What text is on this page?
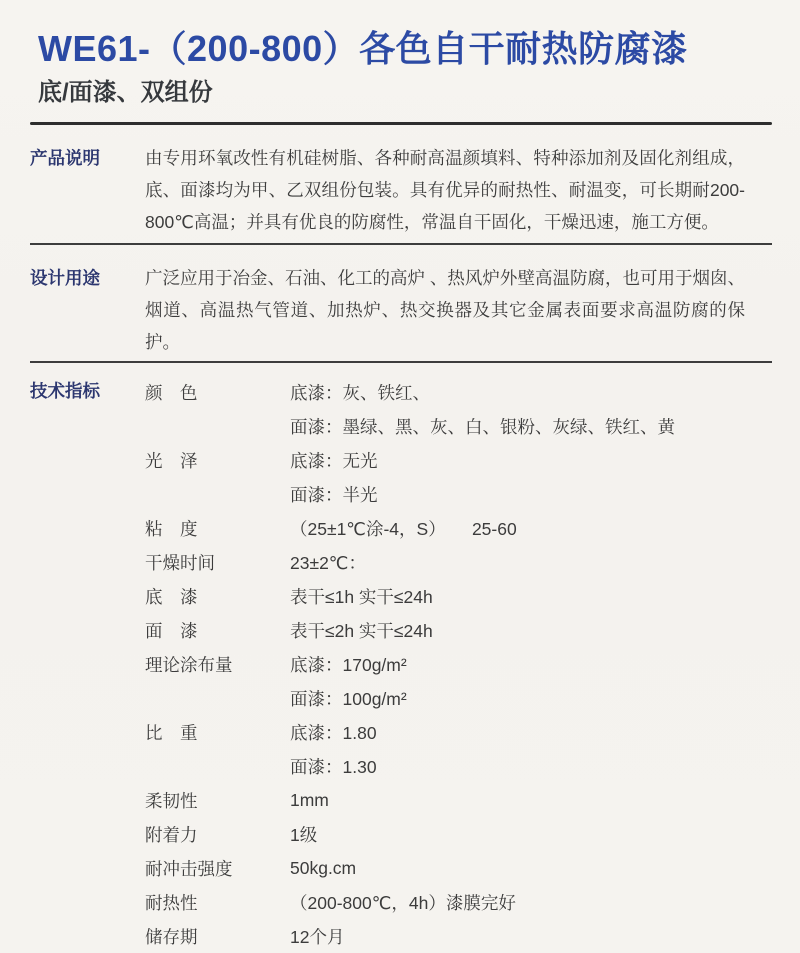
WE61-（200-800）各色自干耐热防腐漆
底/面漆、双组份
产品说明	由专用环氧改性有机硅树脂、各种耐高温颜填料、特种添加剂及固化剂组成，底、面漆均为甲、乙双组份包装。具有优异的耐热性、耐温变，可长期耐200-800℃高温；并具有优良的防腐性，常温自干固化，干燥迅速，施工方便。
设计用途	广泛应用于冶金、石油、化工的高炉 、热风炉外壁高温防腐，也可用于烟囱、烟道、高温热气管道、加热炉、热交换器及其它金属表面要求高温防腐的保护。
技术指标	颜　色	底漆：灰、铁红、
面漆：墨绿、黑、灰、白、银粉、灰绿、铁红、黄
光　泽	底漆：无光
面漆：半光
粘　度	（25±1℃涂-4，S）　　25-60
干燥时间	23±2℃：
底　漆	表干≤1h 实干≤24h
面　漆	表干≤2h 实干≤24h
理论涂布量	底漆：170g/m²
面漆：100g/m²
比　重	底漆：1.80
面漆：1.30
柔韧性	1mm
附着力	1级
耐冲击强度	50kg.cm
耐热性	（200-800℃，4h）漆膜完好
储存期	12个月
